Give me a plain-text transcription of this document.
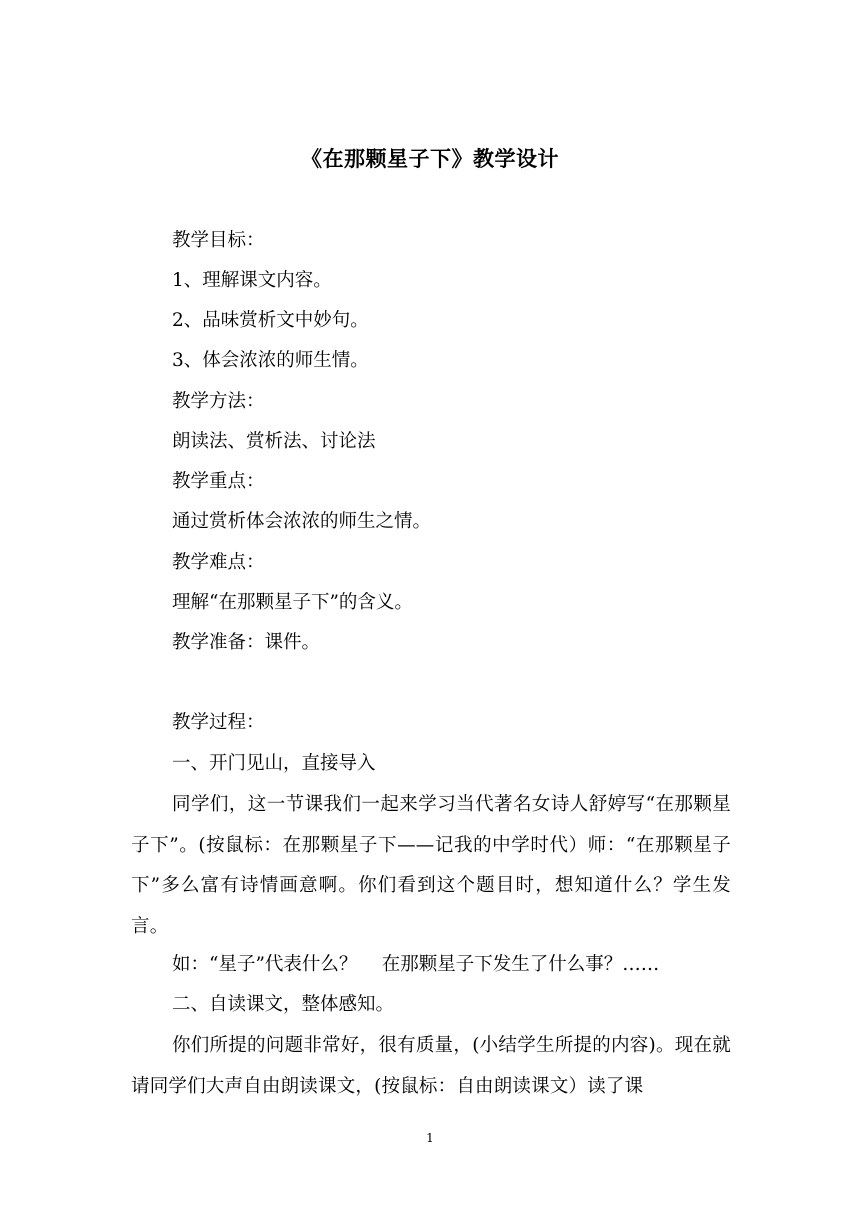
《在那颗星子下》教学设计
教学目标：
1、理解课文内容。
2、品味赏析文中妙句。
3、体会浓浓的师生情。
教学方法：
朗读法、赏析法、讨论法
教学重点：
通过赏析体会浓浓的师生之情。
教学难点：
理解“在那颗星子下”的含义。
教学准备：课件。
教学过程：
一、开门见山，直接导入
同学们，这一节课我们一起来学习当代著名女诗人舒婷写“在那颗星子下”。(按鼠标：在那颗星子下——记我的中学时代）师：“在那颗星子下”多么富有诗情画意啊。你们看到这个题目时，想知道什么？学生发言。
如：“星子”代表什么？　 在那颗星子下发生了什么事？……
二、自读课文，整体感知。
你们所提的问题非常好，很有质量，(小结学生所提的内容)。现在就请同学们大声自由朗读课文，(按鼠标：自由朗读课文）读了课
1
